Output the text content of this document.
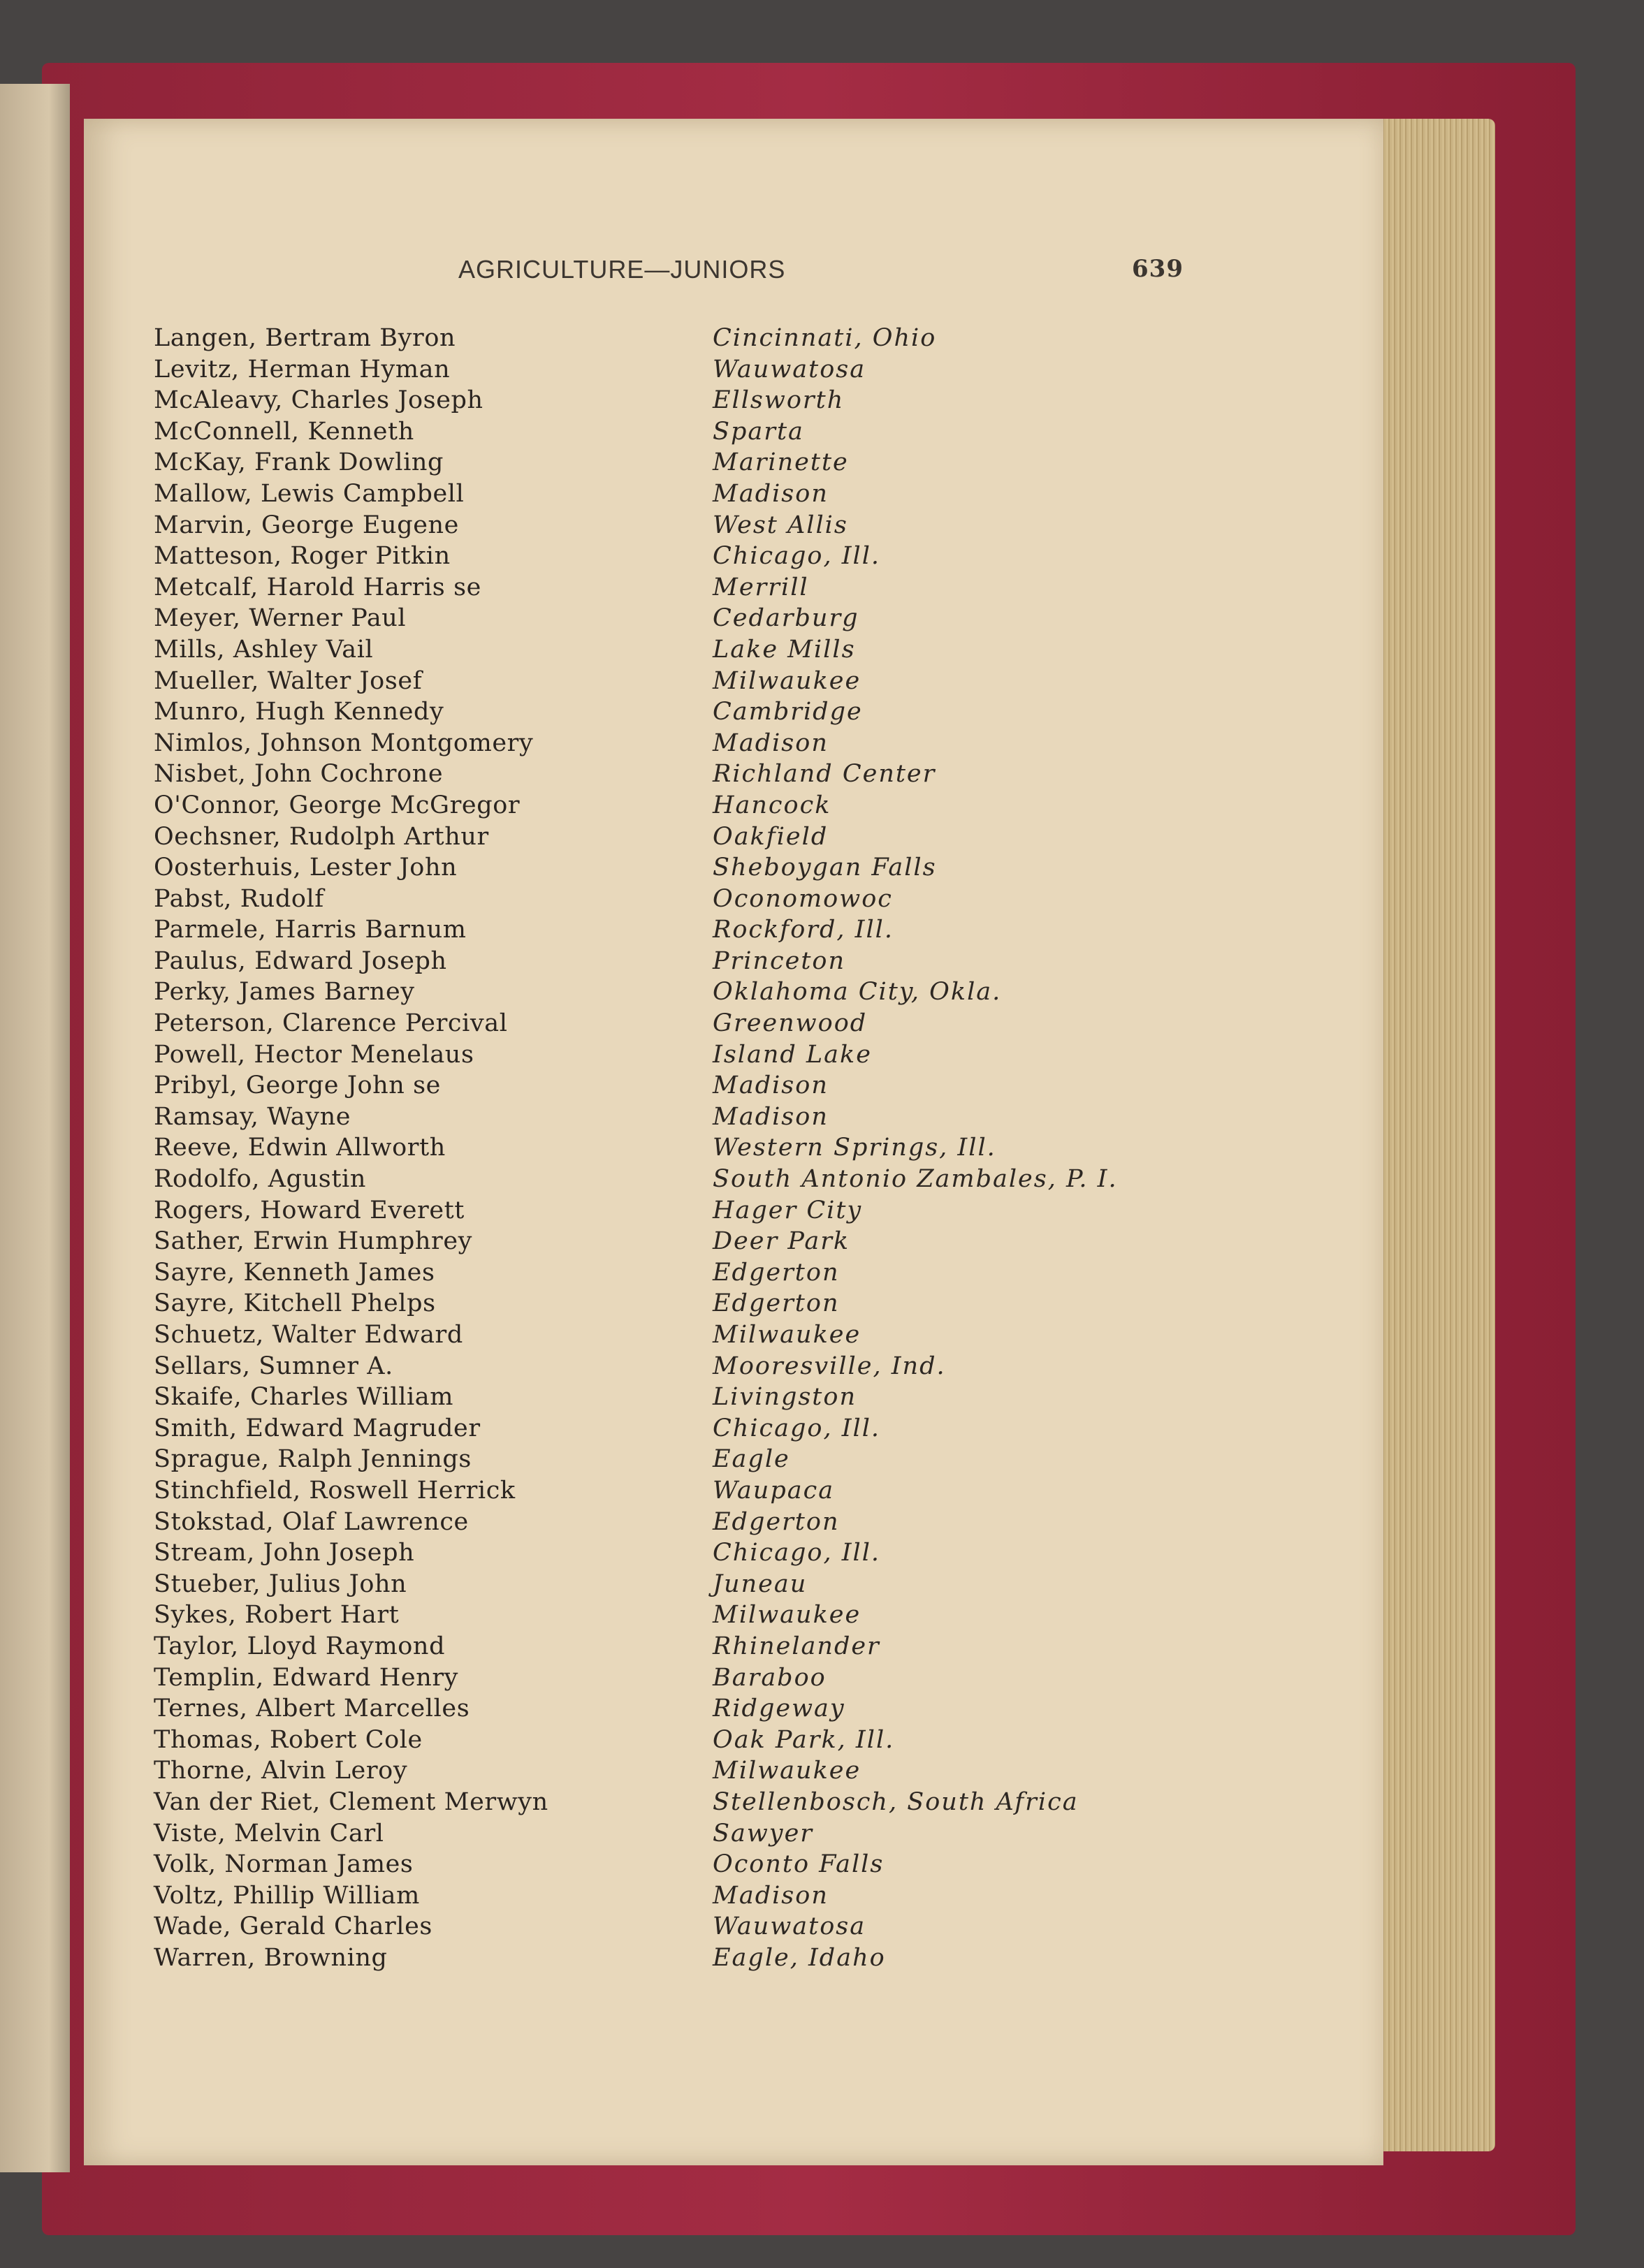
AGRICULTURE—JUNIORS	639
Langen, Bertram Byron	Cincinnati, Ohio
Levitz, Herman Hyman	Wauwatosa
McAleavy, Charles Joseph	Ellsworth
McConnell, Kenneth	Sparta
McKay, Frank Dowling	Marinette
Mallow, Lewis Campbell	Madison
Marvin, George Eugene	West Allis
Matteson, Roger Pitkin	Chicago, Ill.
Metcalf, Harold Harris se	Merrill
Meyer, Werner Paul	Cedarburg
Mills, Ashley Vail	Lake Mills
Mueller, Walter Josef	Milwaukee
Munro, Hugh Kennedy	Cambridge
Nimlos, Johnson Montgomery	Madison
Nisbet, John Cochrone	Richland Center
O'Connor, George McGregor	Hancock
Oechsner, Rudolph Arthur	Oakfield
Oosterhuis, Lester John	Sheboygan Falls
Pabst, Rudolf	Oconomowoc
Parmele, Harris Barnum	Rockford, Ill.
Paulus, Edward Joseph	Princeton
Perky, James Barney	Oklahoma City, Okla.
Peterson, Clarence Percival	Greenwood
Powell, Hector Menelaus	Island Lake
Pribyl, George John se	Madison
Ramsay, Wayne	Madison
Reeve, Edwin Allworth	Western Springs, Ill.
Rodolfo, Agustin	South Antonio Zambales, P. I.
Rogers, Howard Everett	Hager City
Sather, Erwin Humphrey	Deer Park
Sayre, Kenneth James	Edgerton
Sayre, Kitchell Phelps	Edgerton
Schuetz, Walter Edward	Milwaukee
Sellars, Sumner A.	Mooresville, Ind.
Skaife, Charles William	Livingston
Smith, Edward Magruder	Chicago, Ill.
Sprague, Ralph Jennings	Eagle
Stinchfield, Roswell Herrick	Waupaca
Stokstad, Olaf Lawrence	Edgerton
Stream, John Joseph	Chicago, Ill.
Stueber, Julius John	Juneau
Sykes, Robert Hart	Milwaukee
Taylor, Lloyd Raymond	Rhinelander
Templin, Edward Henry	Baraboo
Ternes, Albert Marcelles	Ridgeway
Thomas, Robert Cole	Oak Park, Ill.
Thorne, Alvin Leroy	Milwaukee
Van der Riet, Clement Merwyn	Stellenbosch, South Africa
Viste, Melvin Carl	Sawyer
Volk, Norman James	Oconto Falls
Voltz, Phillip William	Madison
Wade, Gerald Charles	Wauwatosa
Warren, Browning	Eagle, Idaho
